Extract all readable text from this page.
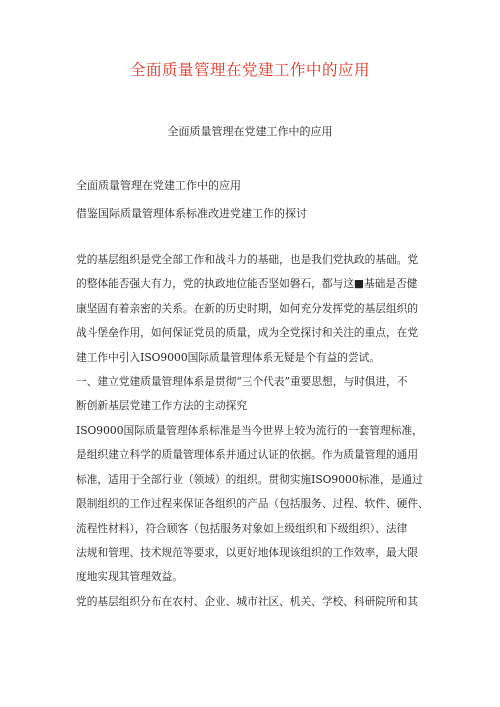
全面质量管理在党建工作中的应用
全面质量管理在党建工作中的应用
全面质量管理在党建工作中的应用
借鉴国际质量管理体系标准改进党建工作的探讨
党的基层组织是党全部工作和战斗力的基础，也是我们党执政的基础。党
的整体能否强大有力，党的执政地位能否坚如磐石，都与这■基础是否健
康坚固有着亲密的关系。在新的历史时期，如何充分发挥党的基层组织的
战斗堡垒作用，如何保证党员的质量，成为全党探讨和关注的重点，在党
建工作中引入ISO9000国际质量管理体系无疑是个有益的尝试。
一、建立党建质量管理体系是贯彻“三个代表”重要思想，与时俱进，不
断创新基层党建工作方法的主动探究
ISO9000国际质量管理体系标准是当今世界上较为流行的一套管理标准，
是组织建立科学的质量管理体系并通过认证的依据。作为质量管理的通用
标准，适用于全部行业（领域）的组织。贯彻实施ISO9000标准，是通过
限制组织的工作过程来保证各组织的产品（包括服务、过程、软件、硬件、
流程性材料），符合顾客（包括服务对象如上级组织和下级组织）、法律
法规和管理、技术规范等要求，以更好地体现该组织的工作效率，最大限
度地实现其管理效益。
党的基层组织分布在农村、企业、城市社区、机关、学校、科研院所和其
